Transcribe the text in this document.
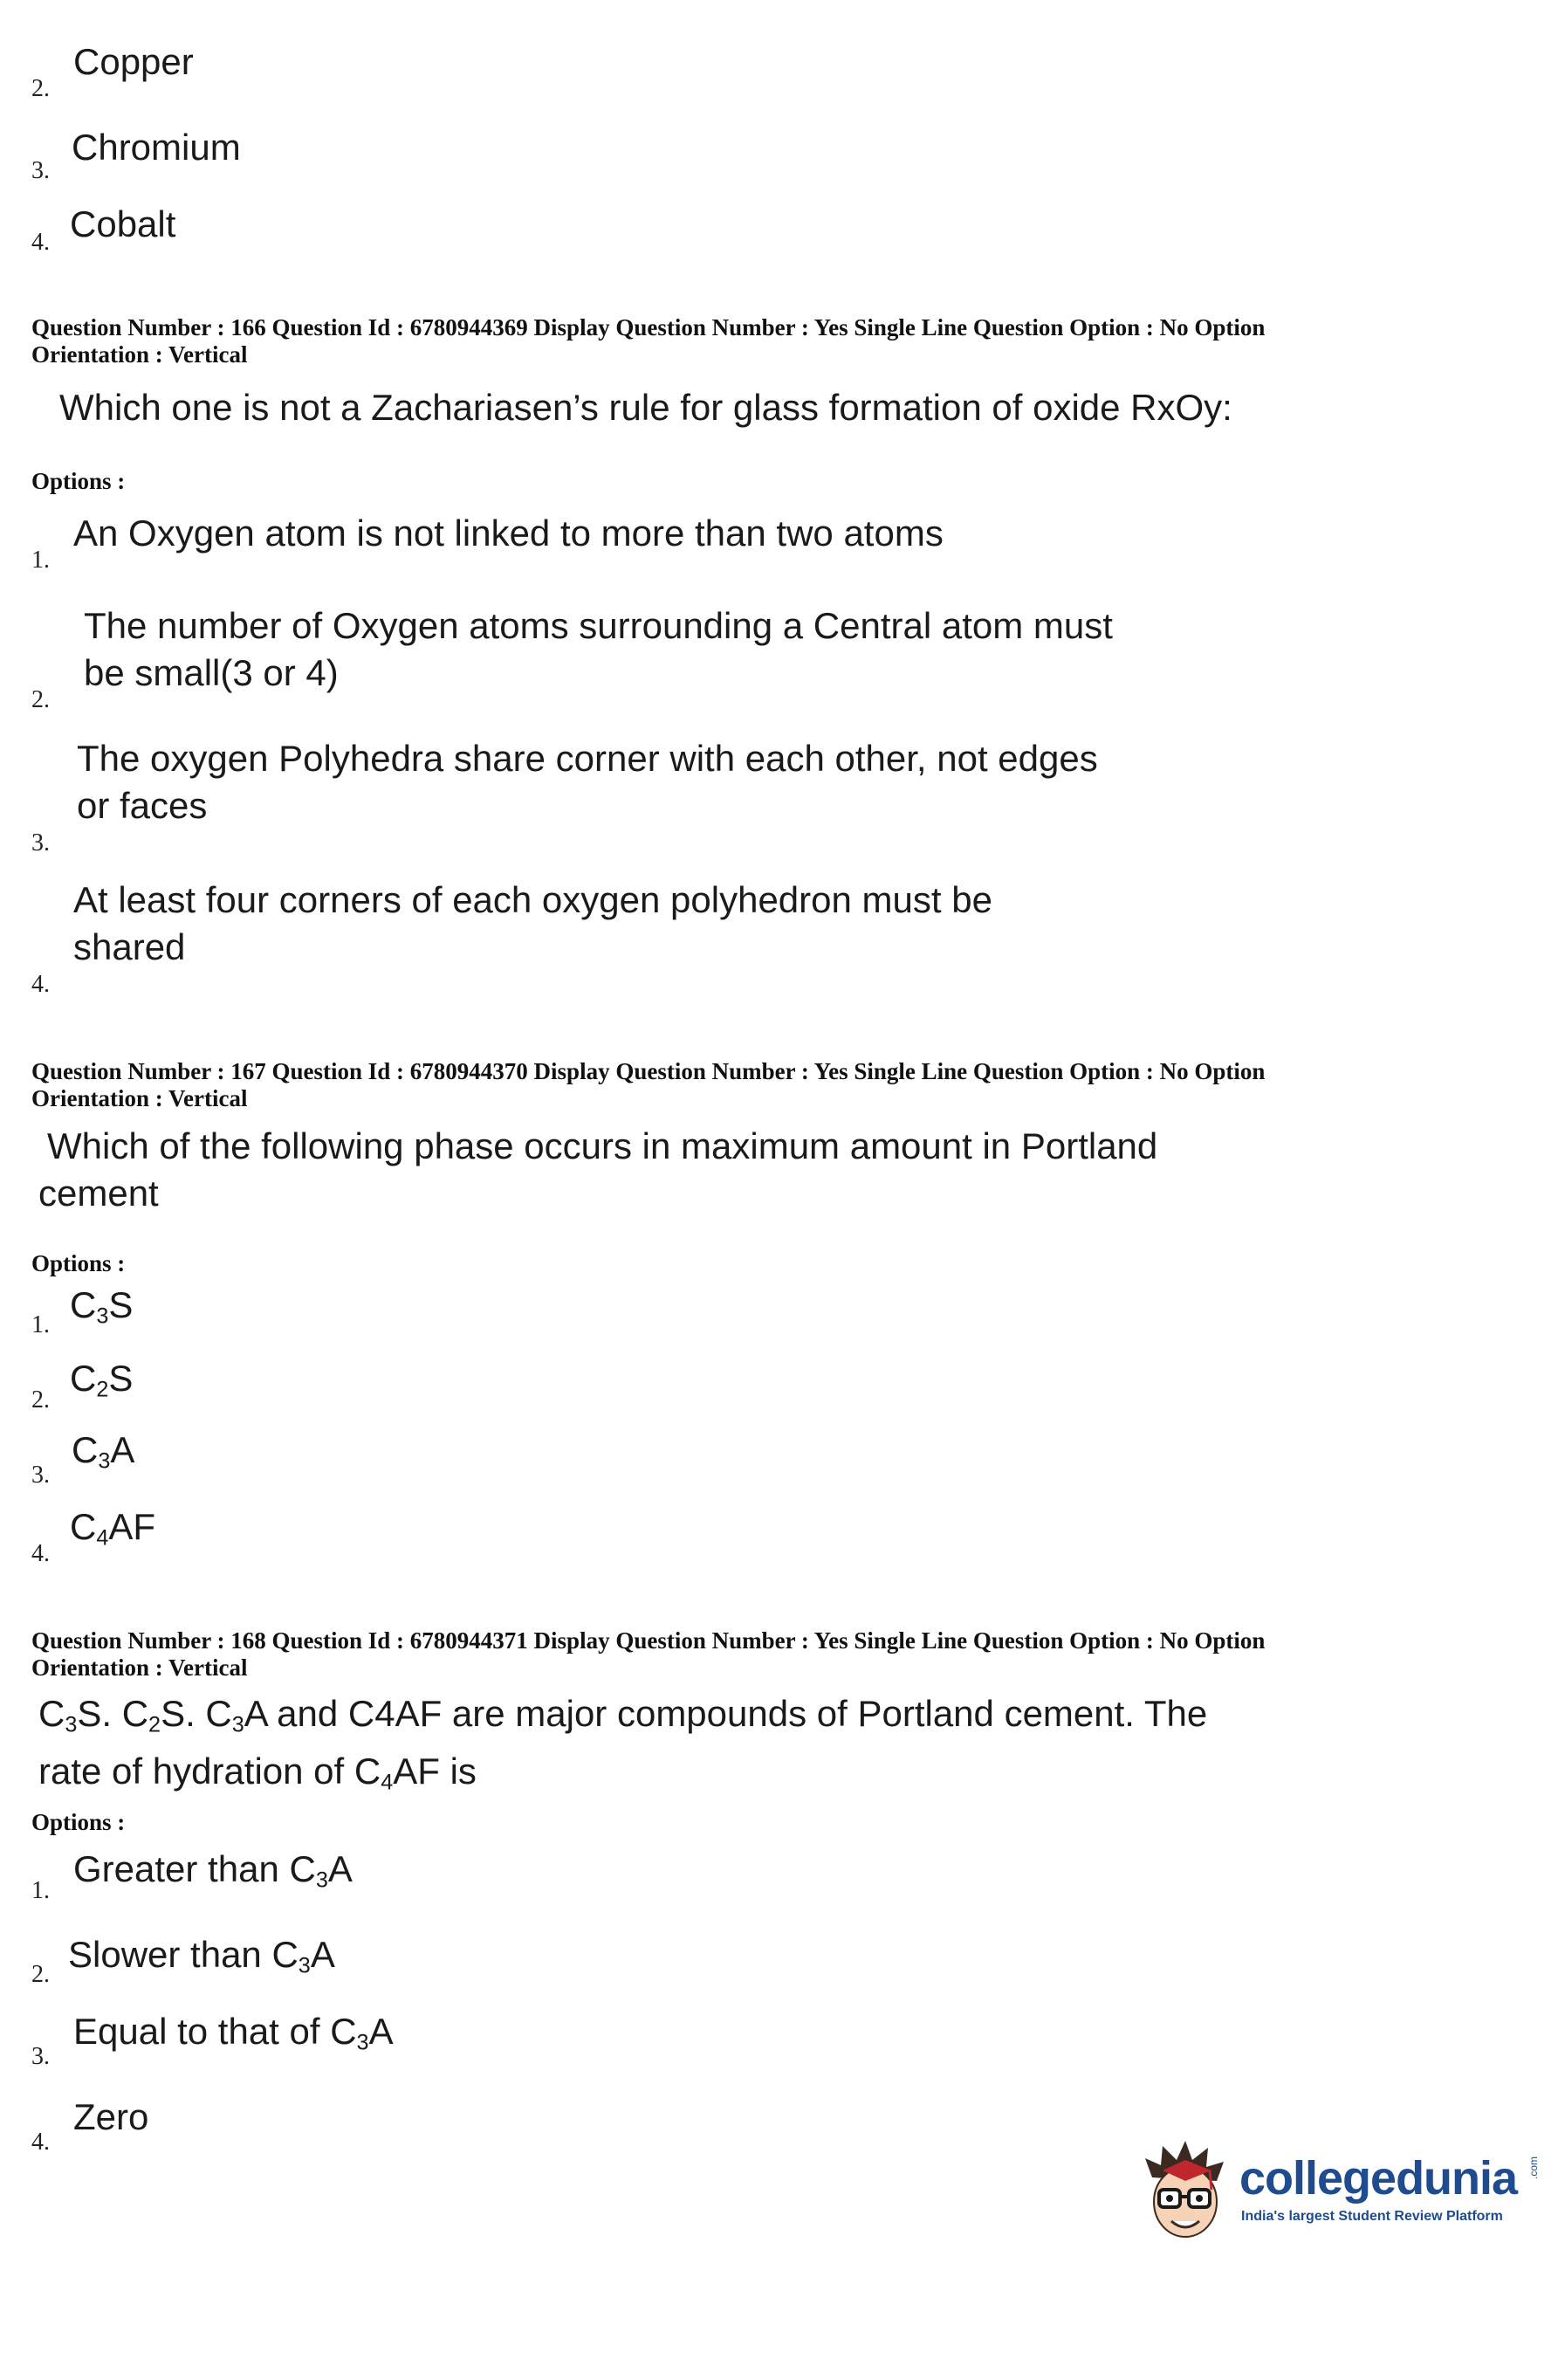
2.
Copper
3.
Chromium
4. Cobalt
Question Number : 166 Question Id : 6780944369 Display Question Number : Yes Single Line Question Option : No Option
Orientation : Vertical
Which one is not a Zachariasen’s rule for glass formation of oxide RxOy:
Options :
1.
An Oxygen atom is not linked to more than two atoms
2.
The number of Oxygen atoms surrounding a Central atom must
be small(3 or 4)
3.
The oxygen Polyhedra share corner with each other, not edges
or faces
4.
At least four corners of each oxygen polyhedron must be
shared
Question Number : 167 Question Id : 6780944370 Display Question Number : Yes Single Line Question Option : No Option
Orientation : Vertical
Which of the following phase occurs in maximum amount in Portland
cement
Options :
1. $C_3S$
2.
$C_2S$
3.
$C_3A$
4.
$C_4AF$
Question Number : 168 Question Id : 6780944371 Display Question Number : Yes Single Line Question Option : No Option
Orientation : Vertical
$C_3S$. $C_2S$. $C_3A$ and C4AF are major compounds of Portland cement. The
rate of hydration of $C_4AF$ is
Options :
1.
Greater than $C_3A$
2. Slower than $C_3A$
3.
Equal to that of $C_3A$
4.
Zero
collegedunia .com
India's largest Student Review Platform
